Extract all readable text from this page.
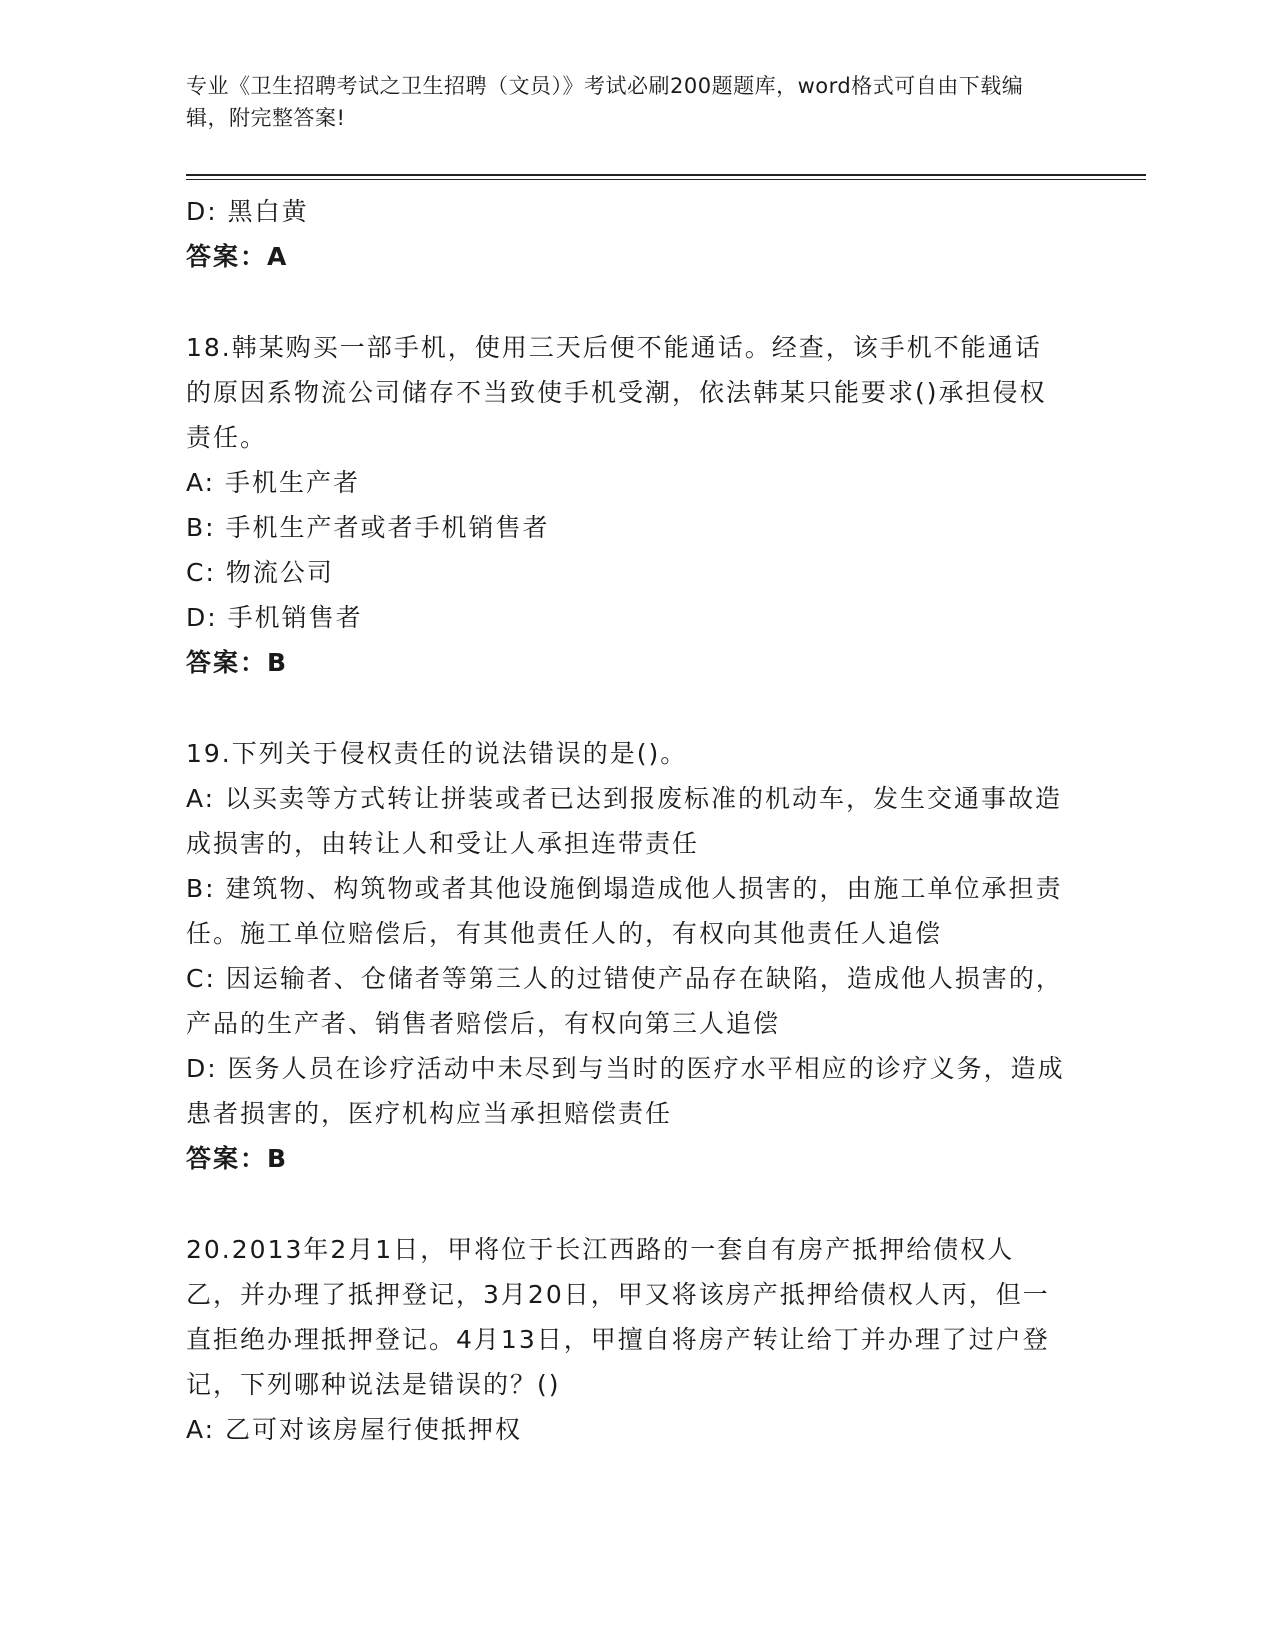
专业《卫生招聘考试之卫生招聘（文员）》考试必刷200题题库，word格式可自由下载编辑，附完整答案!

D: 黑白黄

答案：A

18.韩某购买一部手机，使用三天后便不能通话。经查，该手机不能通话的原因系物流公司储存不当致使手机受潮，依法韩某只能要求()承担侵权责任。

A: 手机生产者

B: 手机生产者或者手机销售者

C: 物流公司

D: 手机销售者

答案：B

19.下列关于侵权责任的说法错误的是()。

A: 以买卖等方式转让拼装或者已达到报废标准的机动车，发生交通事故造成损害的，由转让人和受让人承担连带责任

B: 建筑物、构筑物或者其他设施倒塌造成他人损害的，由施工单位承担责任。施工单位赔偿后，有其他责任人的，有权向其他责任人追偿

C: 因运输者、仓储者等第三人的过错使产品存在缺陷，造成他人损害的，产品的生产者、销售者赔偿后，有权向第三人追偿

D: 医务人员在诊疗活动中未尽到与当时的医疗水平相应的诊疗义务，造成患者损害的，医疗机构应当承担赔偿责任

答案：B

20.2013年2月1日，甲将位于长江西路的一套自有房产抵押给债权人乙，并办理了抵押登记，3月20日，甲又将该房产抵押给债权人丙，但一直拒绝办理抵押登记。4月13日，甲擅自将房产转让给丁并办理了过户登记，下列哪种说法是错误的？()

A: 乙可对该房屋行使抵押权
